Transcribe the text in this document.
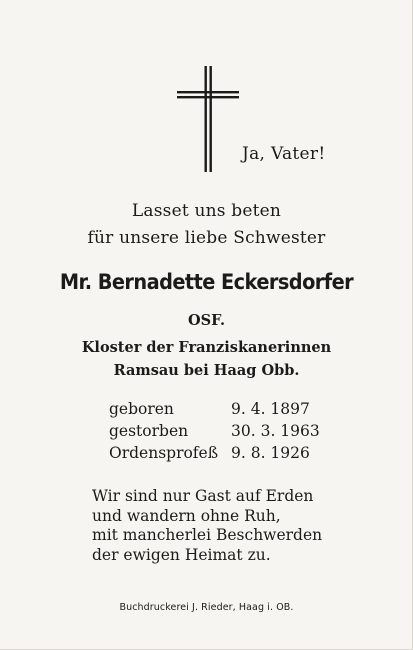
Ja, Vater!
Lasset uns beten
für unsere liebe Schwester
Mr. Bernadette Eckersdorfer
OSF.
Kloster der Franziskanerinnen
Ramsau bei Haag Obb.
geboren	9. 4. 1897
gestorben	30. 3. 1963
Ordensprofeß 9. 8. 1926
Wir sind nur Gast auf Erden
und wandern ohne Ruh,
mit mancherlei Beschwerden
der ewigen Heimat zu.
Buchdruckerei J. Rieder, Haag i. OB.
